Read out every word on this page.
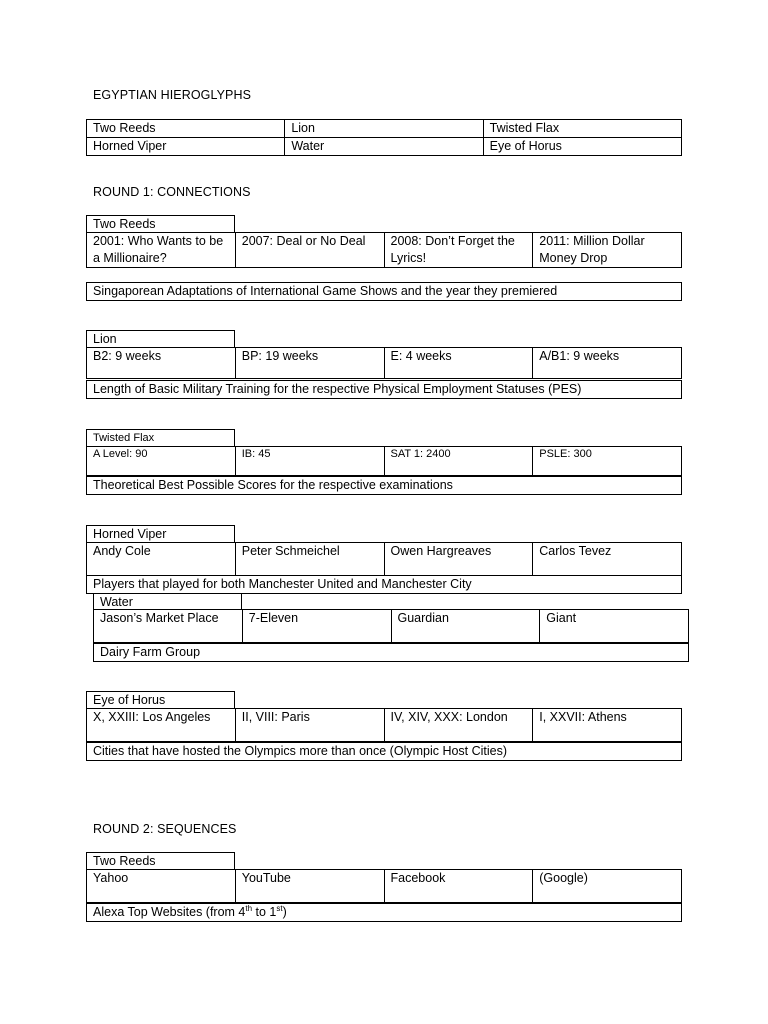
EGYPTIAN HIEROGLYPHS
Two Reeds	Lion	Twisted Flax
Horned Viper	Water	Eye of Horus
ROUND 1: CONNECTIONS
Two Reeds
2001: Who Wants to be a Millionaire?	2007: Deal or No Deal	2008: Don’t Forget the Lyrics!	2011: Million Dollar Money Drop
Singaporean Adaptations of International Game Shows and the year they premiered
Lion
B2: 9 weeks	BP: 19 weeks	E: 4 weeks	A/B1: 9 weeks
Length of Basic Military Training for the respective Physical Employment Statuses (PES)
Twisted Flax
A Level: 90	IB: 45	SAT 1: 2400	PSLE: 300
Theoretical Best Possible Scores for the respective examinations
Horned Viper
Andy Cole	Peter Schmeichel	Owen Hargreaves	Carlos Tevez
Players that played for both Manchester United and Manchester City
Water
Jason’s Market Place	7-Eleven	Guardian	Giant
Dairy Farm Group
Eye of Horus
X, XXIII: Los Angeles	II, VIII: Paris	IV, XIV, XXX: London	I, XXVII: Athens
Cities that have hosted the Olympics more than once (Olympic Host Cities)
ROUND 2: SEQUENCES
Two Reeds
Yahoo	YouTube	Facebook	(Google)
Alexa Top Websites (from 4th to 1st)
